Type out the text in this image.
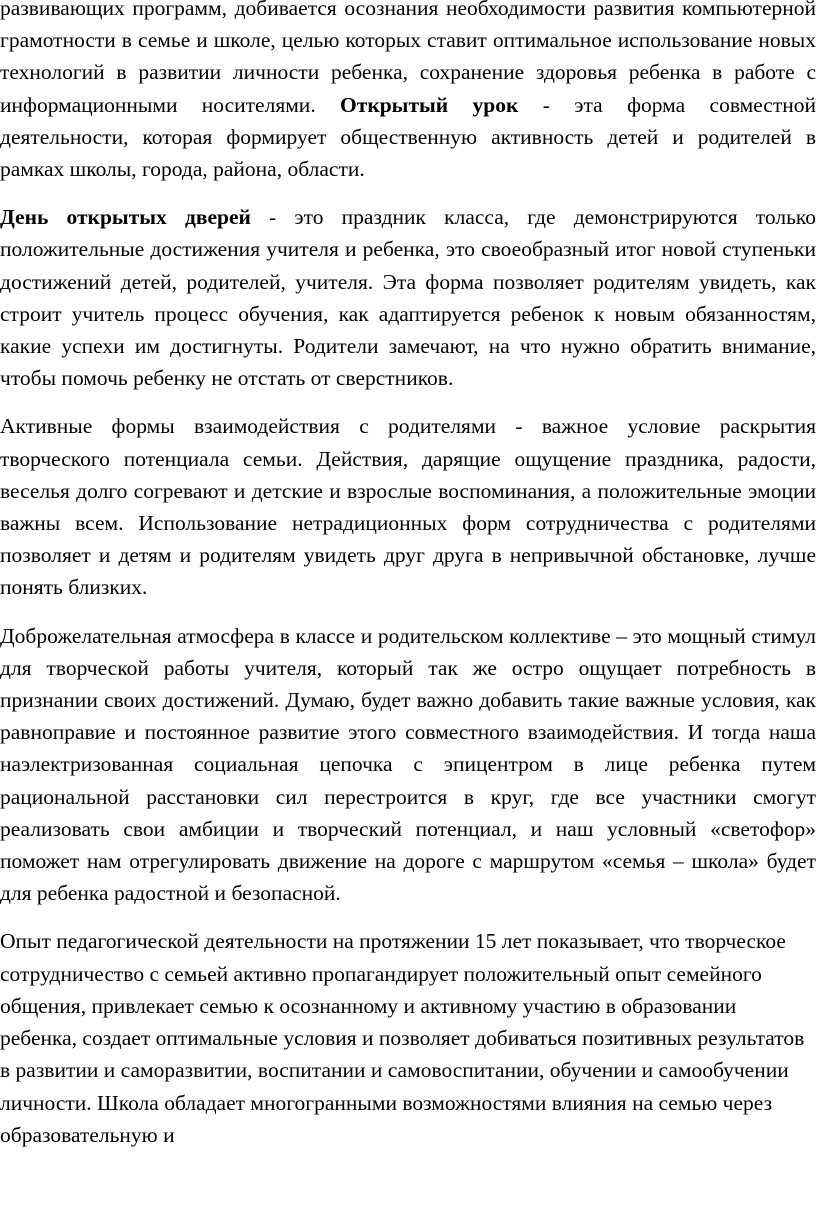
развивающих программ, добивается осознания необходимости развития компьютерной грамотности в семье и школе, целью которых ставит оптимальное использование новых технологий в развитии личности ребенка, сохранение здоровья ребенка в работе с информационными носителями. Открытый урок - эта форма совместной деятельности, которая формирует общественную активность детей и родителей в рамках школы, города, района, области.

День открытых дверей - это праздник класса, где демонстрируются только положительные достижения учителя и ребенка, это своеобразный итог новой ступеньки достижений детей, родителей, учителя. Эта форма позволяет родителям увидеть, как строит учитель процесс обучения, как адаптируется ребенок к новым обязанностям, какие успехи им достигнуты. Родители замечают, на что нужно обратить внимание, чтобы помочь ребенку не отстать от сверстников.

Активные формы взаимодействия с родителями - важное условие раскрытия творческого потенциала семьи. Действия, дарящие ощущение праздника, радости, веселья долго согревают и детские и взрослые воспоминания, а положительные эмоции важны всем. Использование нетрадиционных форм сотрудничества с родителями позволяет и детям и родителям увидеть друг друга в непривычной обстановке, лучше понять близких.

Доброжелательная атмосфера в классе и родительском коллективе – это мощный стимул для творческой работы учителя, который так же остро ощущает потребность в признании своих достижений. Думаю, будет важно добавить такие важные условия, как равноправие и постоянное развитие этого совместного взаимодействия. И тогда наша наэлектризованная социальная цепочка с эпицентром в лице ребенка путем рациональной расстановки сил перестроится в круг, где все участники смогут реализовать свои амбиции и творческий потенциал, и наш условный «светофор» поможет нам отрегулировать движение на дороге с маршрутом «семья – школа» будет для ребенка радостной и безопасной.

Опыт педагогической деятельности на протяжении 15 лет показывает, что творческое сотрудничество с семьей активно пропагандирует положительный опыт семейного общения, привлекает семью к осознанному и активному участию в образовании ребенка, создает оптимальные условия и позволяет добиваться позитивных результатов в развитии и саморазвитии, воспитании и самовоспитании, обучении и самообучении личности. Школа обладает многогранными возможностями влияния на семью через образовательную и
